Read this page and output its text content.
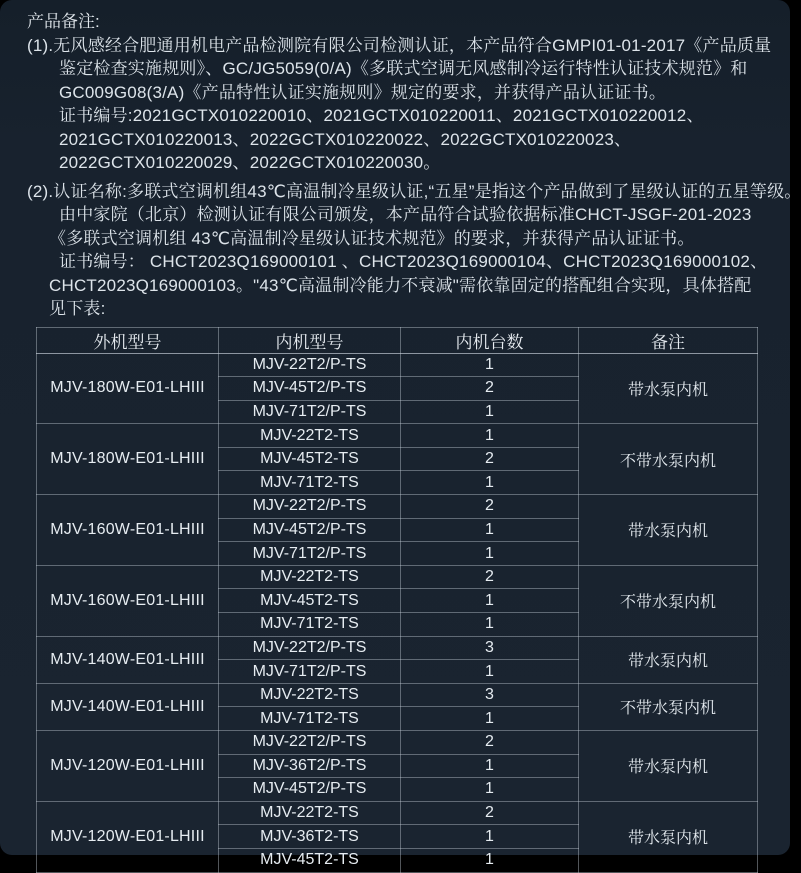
产品备注:
(1).无风感经合肥通用机电产品检测院有限公司检测认证，本产品符合GMPI01-01-2017《产品质量
鉴定检查实施规则》、GC/JG5059(0/A)《多联式空调无风感制冷运行特性认证技术规范》和
GC009G08(3/A)《产品特性认证实施规则》规定的要求，并获得产品认证证书。
证书编号:2021GCTX010220010、2021GCTX010220011、2021GCTX010220012、
2021GCTX010220013、2022GCTX010220022、2022GCTX010220023、
2022GCTX010220029、2022GCTX010220030。
(2).认证名称:多联式空调机组43℃高温制冷星级认证,“五星”是指这个产品做到了星级认证的五星等级。
由中家院（北京）检测认证有限公司颁发，本产品符合试验依据标准CHCT-JSGF-201-2023
《多联式空调机组 43℃高温制冷星级认证技术规范》的要求，并获得产品认证证书。
证书编号： CHCT2023Q169000101 、CHCT2023Q169000104、CHCT2023Q169000102、
CHCT2023Q169000103。"43℃高温制冷能力不衰减"需依靠固定的搭配组合实现，具体搭配
见下表:
外机型号	内机型号	内机台数	备注
MJV-180W-E01-LHIII	MJV-22T2/P-TS	1	带水泵内机
	MJV-45T2/P-TS	2	
	MJV-71T2/P-TS	1	
MJV-180W-E01-LHIII	MJV-22T2-TS	1	不带水泵内机
	MJV-45T2-TS	2	
	MJV-71T2-TS	1	
MJV-160W-E01-LHIII	MJV-22T2/P-TS	2	带水泵内机
	MJV-45T2/P-TS	1	
	MJV-71T2/P-TS	1	
MJV-160W-E01-LHIII	MJV-22T2-TS	2	不带水泵内机
	MJV-45T2-TS	1	
	MJV-71T2-TS	1	
MJV-140W-E01-LHIII	MJV-22T2/P-TS	3	带水泵内机
	MJV-71T2/P-TS	1	
MJV-140W-E01-LHIII	MJV-22T2-TS	3	不带水泵内机
	MJV-71T2-TS	1	
MJV-120W-E01-LHIII	MJV-22T2/P-TS	2	带水泵内机
	MJV-36T2/P-TS	1	
	MJV-45T2/P-TS	1	
MJV-120W-E01-LHIII	MJV-22T2-TS	2	带水泵内机
	MJV-36T2-TS	1	
	MJV-45T2-TS	1	
